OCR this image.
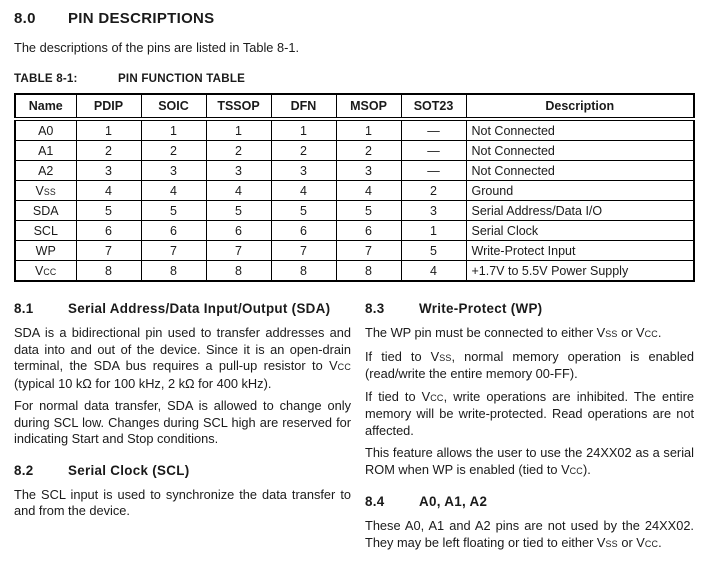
8.0	PIN DESCRIPTIONS

The descriptions of the pins are listed in Table 8-1.

TABLE 8-1:	PIN FUNCTION TABLE
Name	PDIP	SOIC	TSSOP	DFN	MSOP	SOT23	Description
A0	1	1	1	1	1	—	Not Connected
A1	2	2	2	2	2	—	Not Connected
A2	3	3	3	3	3	—	Not Connected
VSS	4	4	4	4	4	2	Ground
SDA	5	5	5	5	5	3	Serial Address/Data I/O
SCL	6	6	6	6	6	1	Serial Clock
WP	7	7	7	7	7	5	Write-Protect Input
VCC	8	8	8	8	8	4	+1.7V to 5.5V Power Supply
8.1	Serial Address/Data Input/Output (SDA)

SDA is a bidirectional pin used to transfer addresses and data into and out of the device. Since it is an open-drain terminal, the SDA bus requires a pull-up resistor to VCC (typical 10 kΩ for 100 kHz, 2 kΩ for 400 kHz).

For normal data transfer, SDA is allowed to change only during SCL low. Changes during SCL high are reserved for indicating Start and Stop conditions.

8.2	Serial Clock (SCL)

The SCL input is used to synchronize the data transfer to and from the device.

8.3	Write-Protect (WP)

The WP pin must be connected to either VSS or VCC.

If tied to VSS, normal memory operation is enabled (read/write the entire memory 00-FF).

If tied to VCC, write operations are inhibited. The entire memory will be write-protected. Read operations are not affected.

This feature allows the user to use the 24XX02 as a serial ROM when WP is enabled (tied to VCC).

8.4	A0, A1, A2

These A0, A1 and A2 pins are not used by the 24XX02. They may be left floating or tied to either VSS or VCC.
